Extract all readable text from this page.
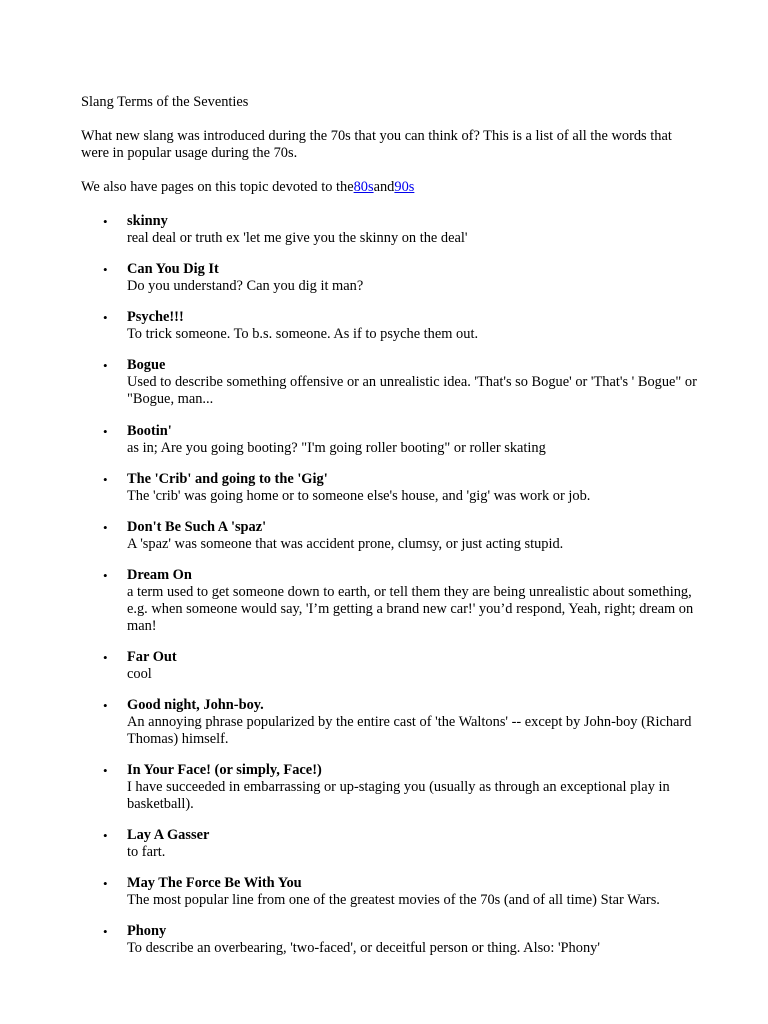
Slang Terms of the Seventies

What new slang was introduced during the 70s that you can think of? This is a list of all the words that were in popular usage during the 70s.

We also have pages on this topic devoted to the80sand90s

• skinny
real deal or truth ex 'let me give you the skinny on the deal'
• Can You Dig It
Do you understand? Can you dig it man?
• Psyche!!!
To trick someone. To b.s. someone. As if to psyche them out.
• Bogue
Used to describe something offensive or an unrealistic idea. 'That's so Bogue' or 'That's ' Bogue" or "Bogue, man...
• Bootin'
as in; Are you going booting? "I'm going roller booting" or roller skating
• The 'Crib' and going to the 'Gig'
The 'crib' was going home or to someone else's house, and 'gig' was work or job.
• Don't Be Such A 'spaz'
A 'spaz' was someone that was accident prone, clumsy, or just acting stupid.
• Dream On
a term used to get someone down to earth, or tell them they are being unrealistic about something, e.g. when someone would say, 'I’m getting a brand new car!' you’d respond, Yeah, right; dream on man!
• Far Out
cool
• Good night, John-boy.
An annoying phrase popularized by the entire cast of 'the Waltons' -- except by John-boy (Richard Thomas) himself.
• In Your Face! (or simply, Face!)
I have succeeded in embarrassing or up-staging you (usually as through an exceptional play in basketball).
• Lay A Gasser
to fart.
• May The Force Be With You
The most popular line from one of the greatest movies of the 70s (and of all time) Star Wars.
• Phony
To describe an overbearing, 'two-faced', or deceitful person or thing. Also: 'Phony'
